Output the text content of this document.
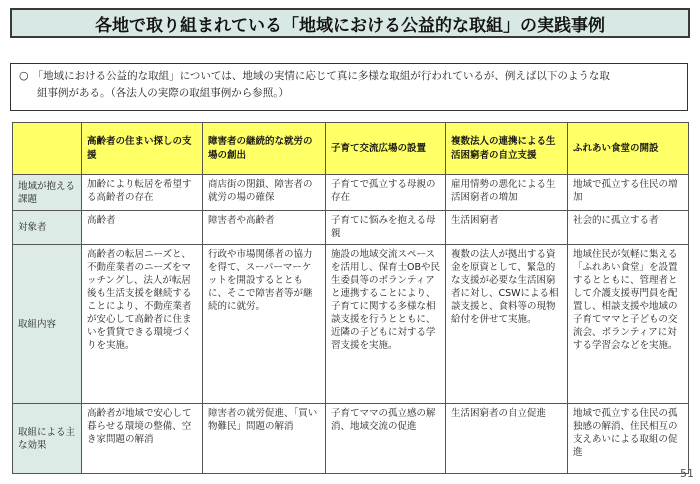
各地で取り組まれている「地域における公益的な取組」の実践事例
○ 「地域における公益的な取組」については、地域の実情に応じて真に多様な取組が行われているが、例えば以下のような取
組事例がある。（各法人の実際の取組事例から参照。）
	高齢者の住まい探しの支援	障害者の継続的な就労の場の創出	子育て交流広場の設置	複数法人の連携による生活困窮者の自立支援	ふれあい食堂の開設
地域が抱える課題	加齢により転居を希望する高齢者の存在	商店街の閉鎖、障害者の就労の場の確保	子育てで孤立する母親の存在	雇用情勢の悪化による生活困窮者の増加	地域で孤立する住民の増加
対象者	高齢者	障害者や高齢者	子育てに悩みを抱える母親	生活困窮者	社会的に孤立する者
取組内容	高齢者の転居ニーズと、不動産業者のニーズをマッチングし、法人が転居後も生活支援を継続することにより、不動産業者が安心して高齢者に住まいを賃貸できる環境づくりを実施。	行政や市場関係者の協力を得て、スーパーマーケットを開設するとともに、そこで障害者等が継続的に就労。	施設の地域交流スペースを活用し、保育士OBや民生委員等のボランティアと連携することにより、子育てに関する多様な相談支援を行うとともに、近隣の子どもに対する学習支援を実施。	複数の法人が拠出する資金を原資として、緊急的な支援が必要な生活困窮者に対し、CSWによる相談支援と、食料等の現物給付を併せて実施。	地域住民が気軽に集える「ふれあい食堂」を設置するとともに、管理者として介護支援専門員を配置し、相談支援や地域の子育てママと子どもの交流会、ボランティアに対する学習会などを実施。
取組による主な効果	高齢者が地域で安心して暮らせる環境の整備、空き家問題の解消	障害者の就労促進、「買い物難民」問題の解消	子育てママの孤立感の解消、地域交流の促進	生活困窮者の自立促進	地域で孤立する住民の孤独感の解消、住民相互の支えあいによる取組の促進
51
